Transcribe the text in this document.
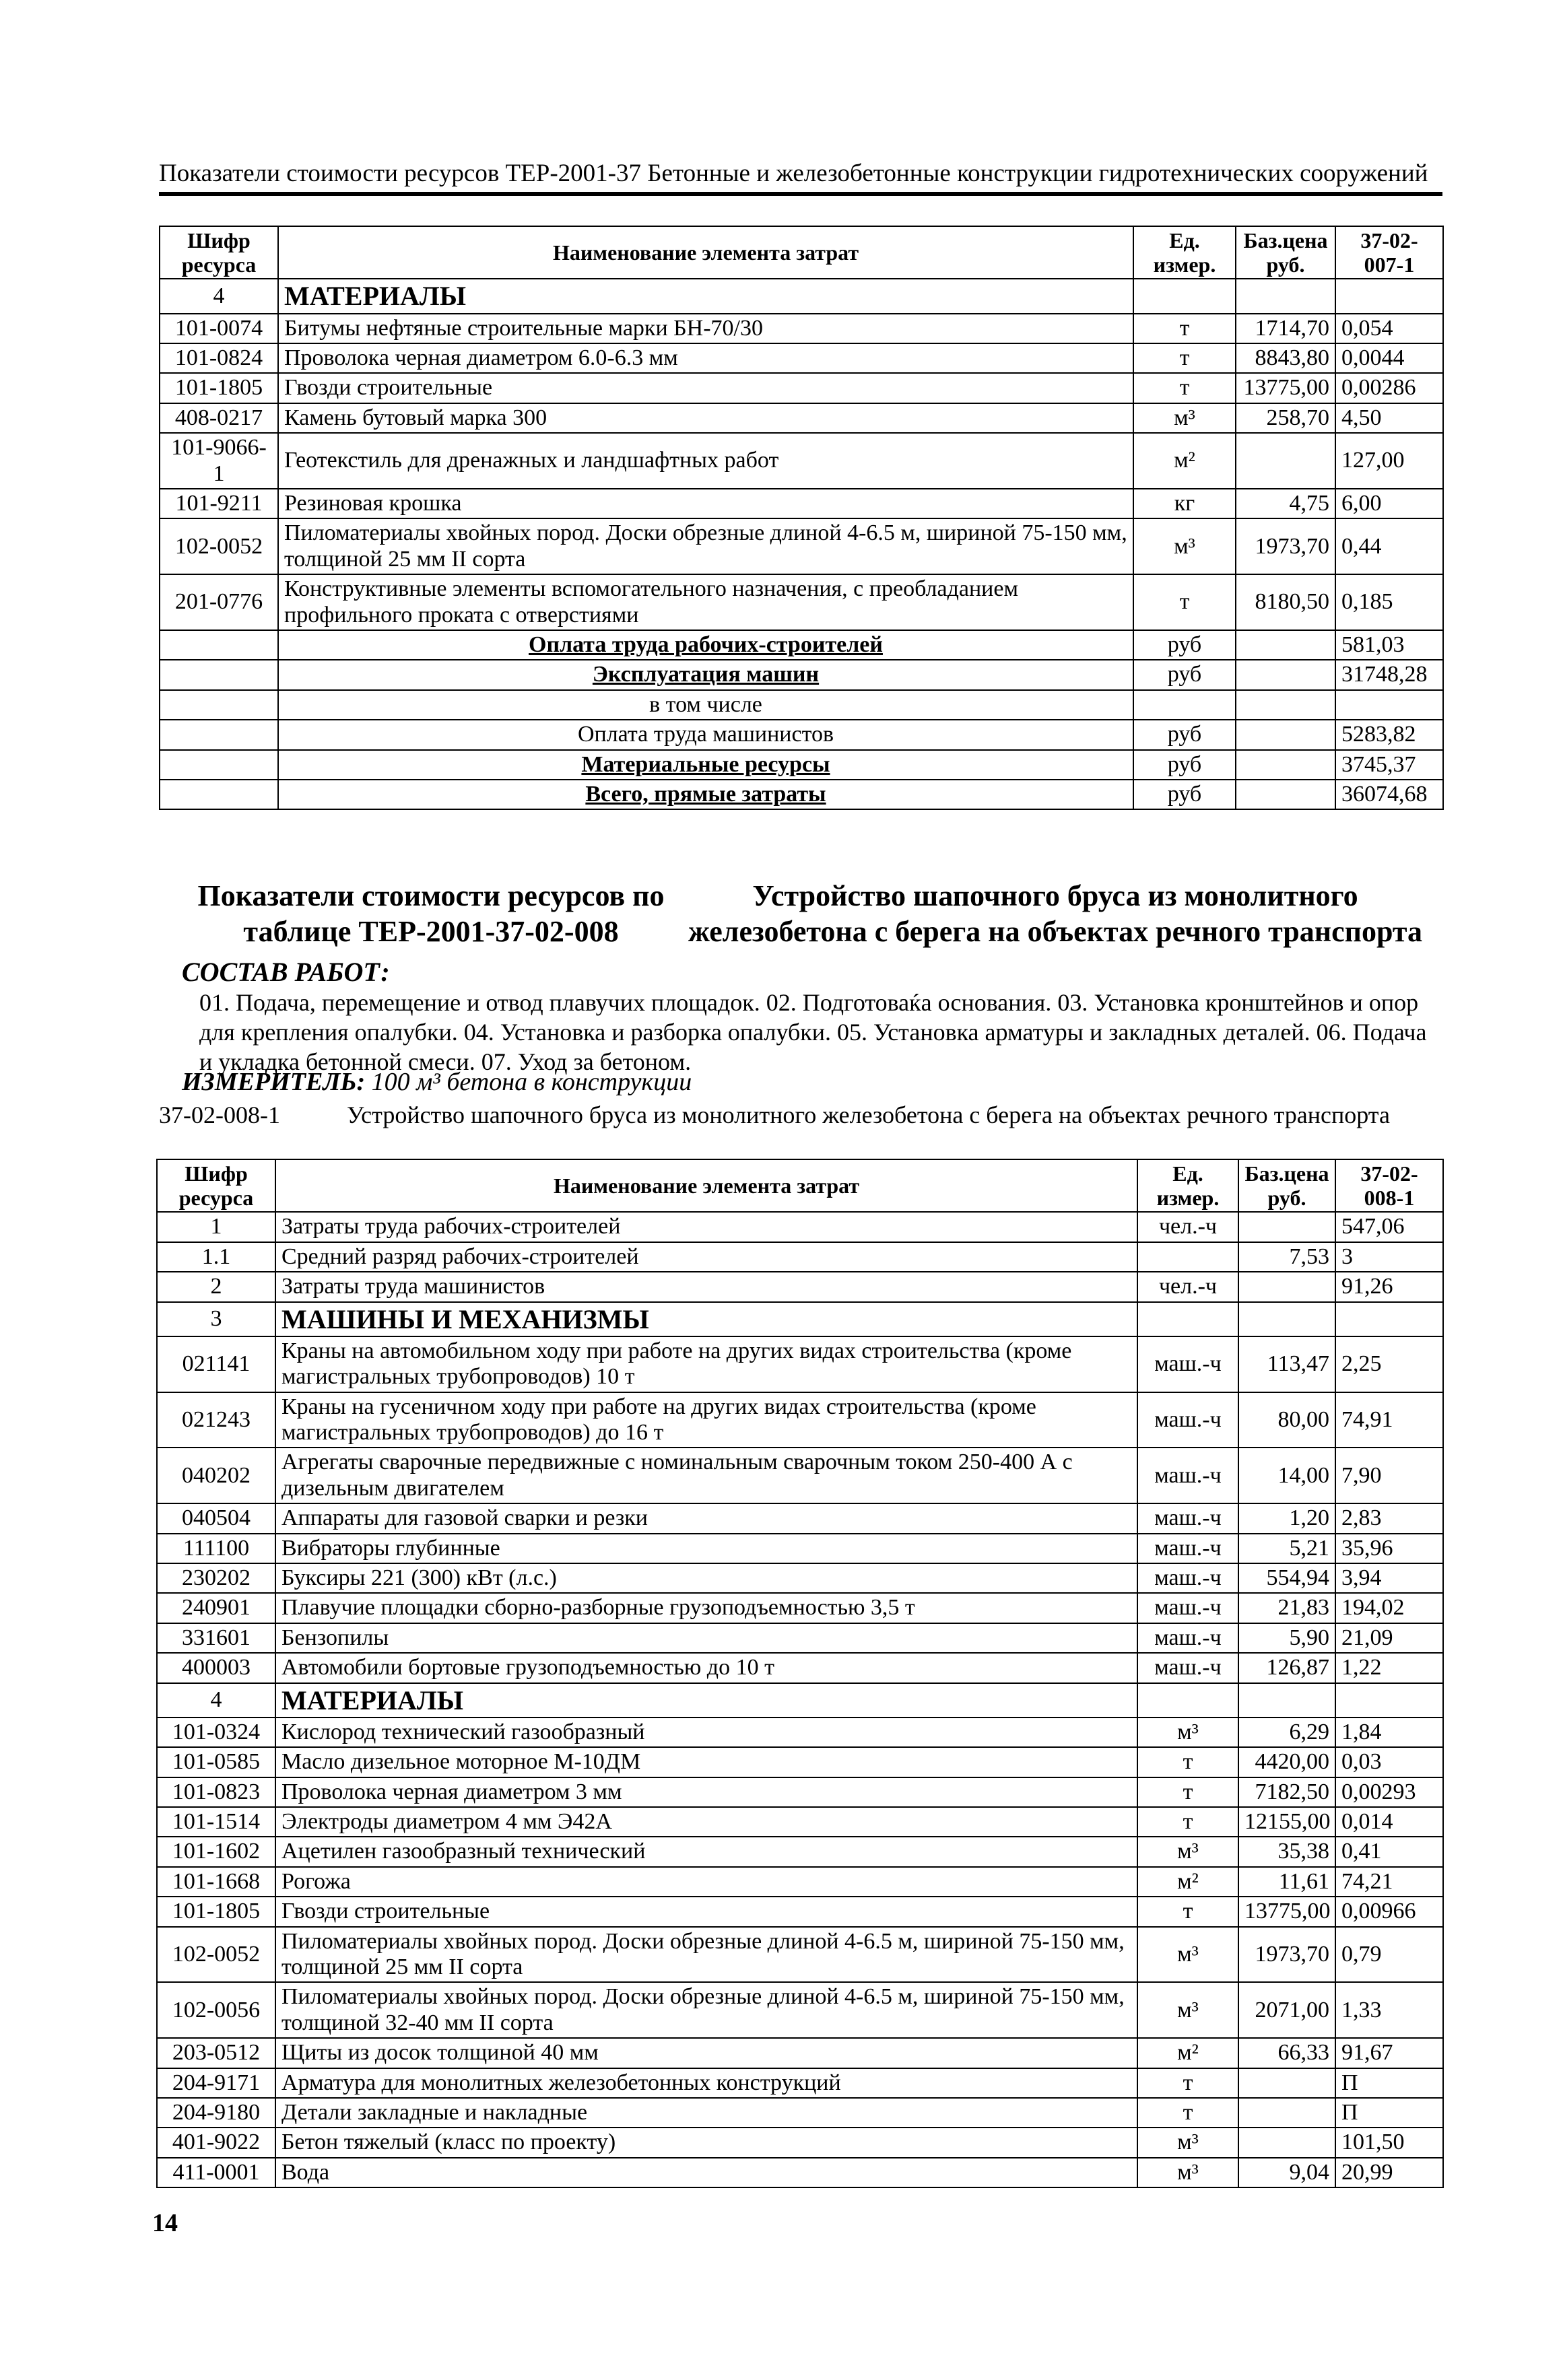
Показатели стоимости ресурсов ТЕР-2001-37 Бетонные и железобетонные конструкции гидротехнических сооружений
Шифр ресурса	Наименование элемента затрат	Ед. измер.	Баз.цена руб.	37-02-007-1
4	МАТЕРИАЛЫ			
101-0074	Битумы нефтяные строительные марки БН-70/30	т	1714,70	0,054
101-0824	Проволока черная диаметром 6.0-6.3 мм	т	8843,80	0,0044
101-1805	Гвозди строительные	т	13775,00	0,00286
408-0217	Камень бутовый марка 300	м³	258,70	4,50
101-9066-1	Геотекстиль для дренажных и ландшафтных работ	м²		127,00
101-9211	Резиновая крошка	кг	4,75	6,00
102-0052	Пиломатериалы хвойных пород. Доски обрезные длиной 4-6.5 м, шириной 75-150 мм, толщиной 25 мм II сорта	м³	1973,70	0,44
201-0776	Конструктивные элементы вспомогательного назначения, с преобладанием профильного проката с отверстиями	т	8180,50	0,185
	Оплата труда рабочих-строителей	руб		581,03
	Эксплуатация машин	руб		31748,28
	в том числе			
	Оплата труда машинистов	руб		5283,82
	Материальные ресурсы	руб		3745,37
	Всего, прямые затраты	руб		36074,68
Показатели стоимости ресурсов по таблице ТЕР-2001-37-02-008
Устройство шапочного бруса из монолитного железобетона с берега на объектах речного транспорта
СОСТАВ РАБОТ:
01. Подача, перемещение и отвод плавучих площадок. 02. Подготоваќа основания. 03. Установка кронштейнов и опор для крепления опалубки. 04. Установка и разборка опалубки. 05. Установка арматуры и закладных деталей. 06. Подача и укладка бетонной смеси. 07. Уход за бетоном.
ИЗМЕРИТЕЛЬ: 100 м³ бетона в конструкции
37-02-008-1	Устройство шапочного бруса из монолитного железобетона с берега на объектах речного транспорта
Шифр ресурса	Наименование элемента затрат	Ед. измер.	Баз.цена руб.	37-02-008-1
1	Затраты труда рабочих-строителей	чел.-ч		547,06
1.1	Средний разряд рабочих-строителей		7,53	3
2	Затраты труда машинистов	чел.-ч		91,26
3	МАШИНЫ И МЕХАНИЗМЫ			
021141	Краны на автомобильном ходу при работе на других видах строительства (кроме магистральных трубопроводов) 10 т	маш.-ч	113,47	2,25
021243	Краны на гусеничном ходу при работе на других видах строительства (кроме магистральных трубопроводов) до 16 т	маш.-ч	80,00	74,91
040202	Агрегаты сварочные передвижные с номинальным сварочным током 250-400 А с дизельным двигателем	маш.-ч	14,00	7,90
040504	Аппараты для газовой сварки и резки	маш.-ч	1,20	2,83
111100	Вибраторы глубинные	маш.-ч	5,21	35,96
230202	Буксиры 221 (300) кВт (л.с.)	маш.-ч	554,94	3,94
240901	Плавучие площадки сборно-разборные грузоподъемностью 3,5 т	маш.-ч	21,83	194,02
331601	Бензопилы	маш.-ч	5,90	21,09
400003	Автомобили бортовые грузоподъемностью до 10 т	маш.-ч	126,87	1,22
4	МАТЕРИАЛЫ			
101-0324	Кислород технический газообразный	м³	6,29	1,84
101-0585	Масло дизельное моторное М-10ДМ	т	4420,00	0,03
101-0823	Проволока черная диаметром 3 мм	т	7182,50	0,00293
101-1514	Электроды диаметром 4 мм Э42А	т	12155,00	0,014
101-1602	Ацетилен газообразный технический	м³	35,38	0,41
101-1668	Рогожа	м²	11,61	74,21
101-1805	Гвозди строительные	т	13775,00	0,00966
102-0052	Пиломатериалы хвойных пород. Доски обрезные длиной 4-6.5 м, шириной 75-150 мм, толщиной 25 мм II сорта	м³	1973,70	0,79
102-0056	Пиломатериалы хвойных пород. Доски обрезные длиной 4-6.5 м, шириной 75-150 мм, толщиной 32-40 мм II сорта	м³	2071,00	1,33
203-0512	Щиты из досок толщиной 40 мм	м²	66,33	91,67
204-9171	Арматура для монолитных железобетонных конструкций	т		П
204-9180	Детали закладные и накладные	т		П
401-9022	Бетон тяжелый (класс по проекту)	м³		101,50
411-0001	Вода	м³	9,04	20,99
14
